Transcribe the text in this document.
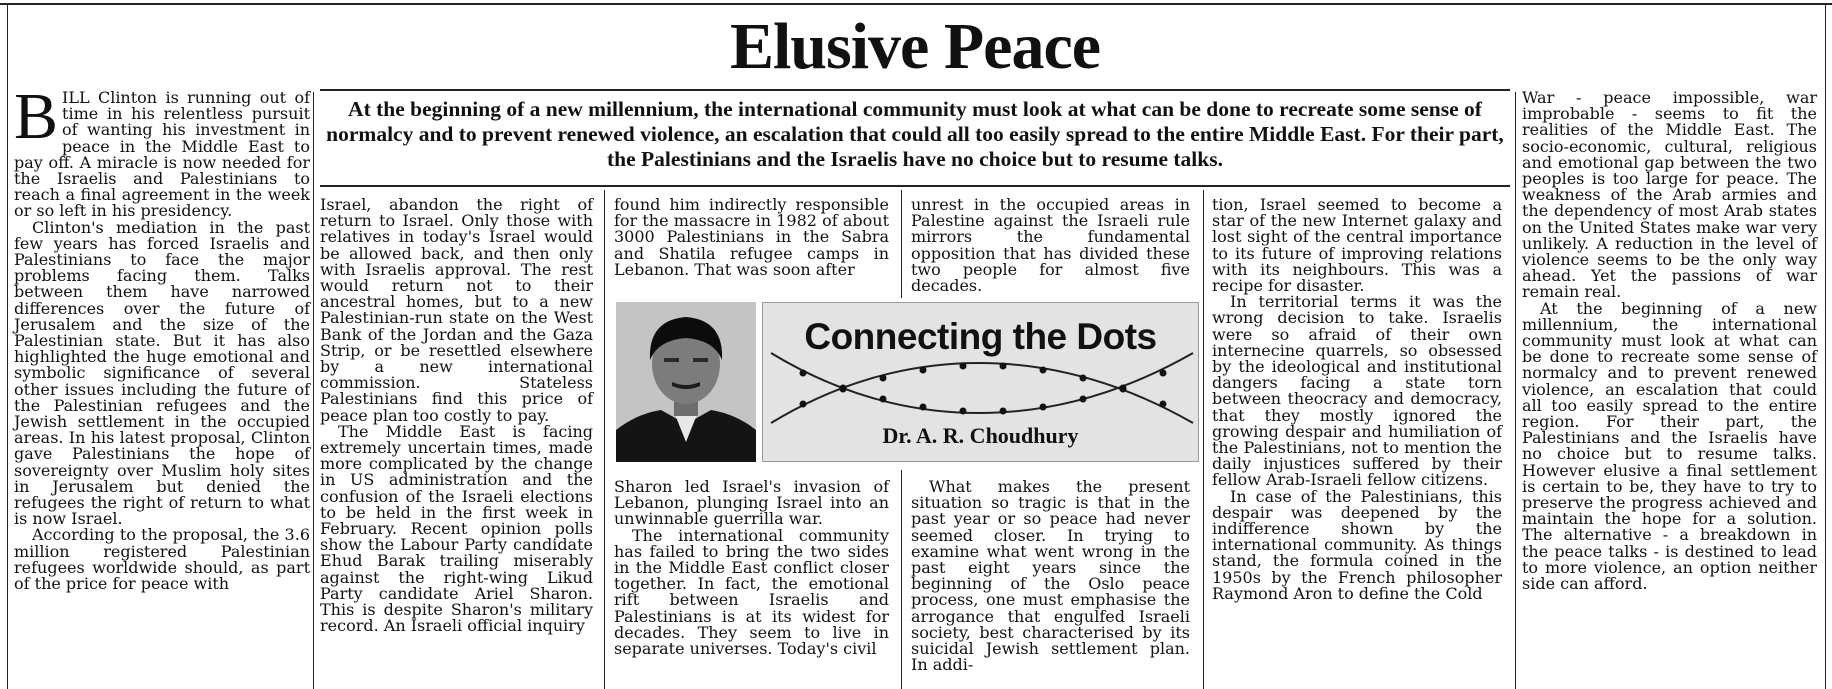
Elusive Peace
At the beginning of a new millennium, the international community must look at what can be done to recreate some sense of normalcy and to prevent renewed violence, an escalation that could all too easily spread to the entire Middle East. For their part, the Palestinians and the Israelis have no choice but to resume talks.
B ILL Clinton is running out of time in his relentless pursuit of wanting his investment in peace in the Middle East to pay off. A miracle is now needed for the Israelis and Palestinians to reach a final agreement in the week or so left in his presidency.

Clinton's mediation in the past few years has forced Israelis and Palestinians to face the major problems facing them. Talks between them have narrowed differences over the future of Jerusalem and the size of the Palestinian state. But it has also highlighted the huge emotional and symbolic significance of several other issues including the future of the Palestinian refugees and the Jewish settlement in the occupied areas. In his latest proposal, Clinton gave Palestinians the hope of sovereignty over Muslim holy sites in Jerusalem but denied the refugees the right of return to what is now Israel.

According to the proposal, the 3.6 million registered Palestinian refugees worldwide should, as part of the price for peace with

Israel, abandon the right of return to Israel. Only those with relatives in today's Israel would be allowed back, and then only with Israelis approval. The rest would return not to their ancestral homes, but to a new Palestinian-run state on the West Bank of the Jordan and the Gaza Strip, or be resettled elsewhere by a new international commission. Stateless Palestinians find this price of peace plan too costly to pay.

The Middle East is facing extremely uncertain times, made more complicated by the change in US administration and the confusion of the Israeli elections to be held in the first week in February. Recent opinion polls show the Labour Party candidate Ehud Barak trailing miserably against the right-wing Likud Party candidate Ariel Sharon. This is despite Sharon's military record. An Israeli official inquiry

found him indirectly responsible for the massacre in 1982 of about 3000 Palestinians in the Sabra and Shatila refugee camps in Lebanon. That was soon after

Sharon led Israel's invasion of Lebanon, plunging Israel into an unwinnable guerrilla war.

The international community has failed to bring the two sides in the Middle East conflict closer together. In fact, the emotional rift between Israelis and Palestinians is at its widest for decades. They seem to live in separate universes. Today's civil

unrest in the occupied areas in Palestine against the Israeli rule mirrors the fundamental opposition that has divided these two people for almost five decades.

What makes the present situation so tragic is that in the past year or so peace had never seemed closer. In trying to examine what went wrong in the past eight years since the beginning of the Oslo peace process, one must emphasise the arrogance that engulfed Israeli society, best characterised by its suicidal Jewish settlement plan. In addi-

tion, Israel seemed to become a star of the new Internet galaxy and lost sight of the central importance to its future of improving relations with its neighbours. This was a recipe for disaster.

In territorial terms it was the wrong decision to take. Israelis were so afraid of their own internecine quarrels, so obsessed by the ideological and institutional dangers facing a state torn between theocracy and democracy, that they mostly ignored the growing despair and humiliation of the Palestinians, not to mention the daily injustices suffered by their fellow Arab-Israeli fellow citizens.

In case of the Palestinians, this despair was deepened by the indifference shown by the international community. As things stand, the formula coined in the 1950s by the French philosopher Raymond Aron to define the Cold

War - peace impossible, war improbable - seems to fit the realities of the Middle East. The socio-economic, cultural, religious and emotional gap between the two peoples is too large for peace. The weakness of the Arab armies and the dependency of most Arab states on the United States make war very unlikely. A reduction in the level of violence seems to be the only way ahead. Yet the passions of war remain real.

At the beginning of a new millennium, the international community must look at what can be done to recreate some sense of normalcy and to prevent renewed violence, an escalation that could all too easily spread to the entire region. For their part, the Palestinians and the Israelis have no choice but to resume talks. However elusive a final settlement is certain to be, they have to try to preserve the progress achieved and maintain the hope for a solution. The alternative - a breakdown in the peace talks - is destined to lead to more violence, an option neither side can afford.

Connecting the Dots
Dr. A. R. Choudhury
